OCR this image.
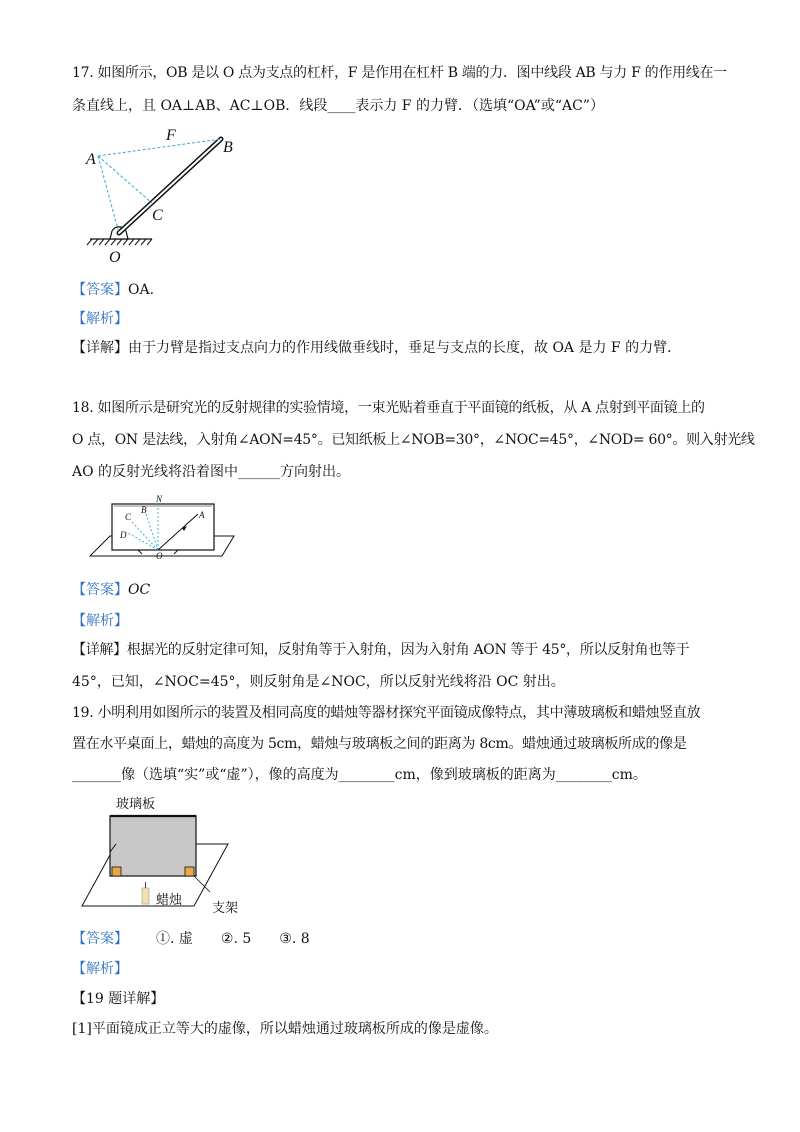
17. 如图所示，OB 是以 O 点为支点的杠杆，F 是作用在杠杆 B 端的力．图中线段 AB 与力 F 的作用线在一
条直线上，且 OA⊥AB、AC⊥OB．线段____表示力 F 的力臂．（选填“OA”或“AC”）
A
B
F
C
O
【答案】OA.
【解析】
【详解】由于力臂是指过支点向力的作用线做垂线时，垂足与支点的长度，故 OA 是力 F 的力臂．
18. 如图所示是研究光的反射规律的实验情境，一束光贴着垂直于平面镜的纸板，从 A 点射到平面镜上的
O 点，ON 是法线，入射角∠AON=45°。已知纸板上∠NOB=30°，∠NOC=45°，∠NOD= 60°。则入射光线
AO 的反射光线将沿着图中______方向射出。
N
B
C
D
A
O
【答案】OC
【解析】
【详解】根据光的反射定律可知，反射角等于入射角，因为入射角 AON 等于 45°，所以反射角也等于
45°，已知，∠NOC=45°，则反射角是∠NOC，所以反射光线将沿 OC 射出。
19. 小明利用如图所示的装置及相同高度的蜡烛等器材探究平面镜成像特点，其中薄玻璃板和蜡烛竖直放
置在水平桌面上，蜡烛的高度为 5cm，蜡烛与玻璃板之间的距离为 8cm。蜡烛通过玻璃板所成的像是
_______像（选填“实”或“虚”），像的高度为________cm，像到玻璃板的距离为________cm。
玻璃板
蜡烛
支架
【答案】 ①. 虚 ②. 5 ③. 8
【解析】
【19 题详解】
[1]平面镜成正立等大的虚像，所以蜡烛通过玻璃板所成的像是虚像。
